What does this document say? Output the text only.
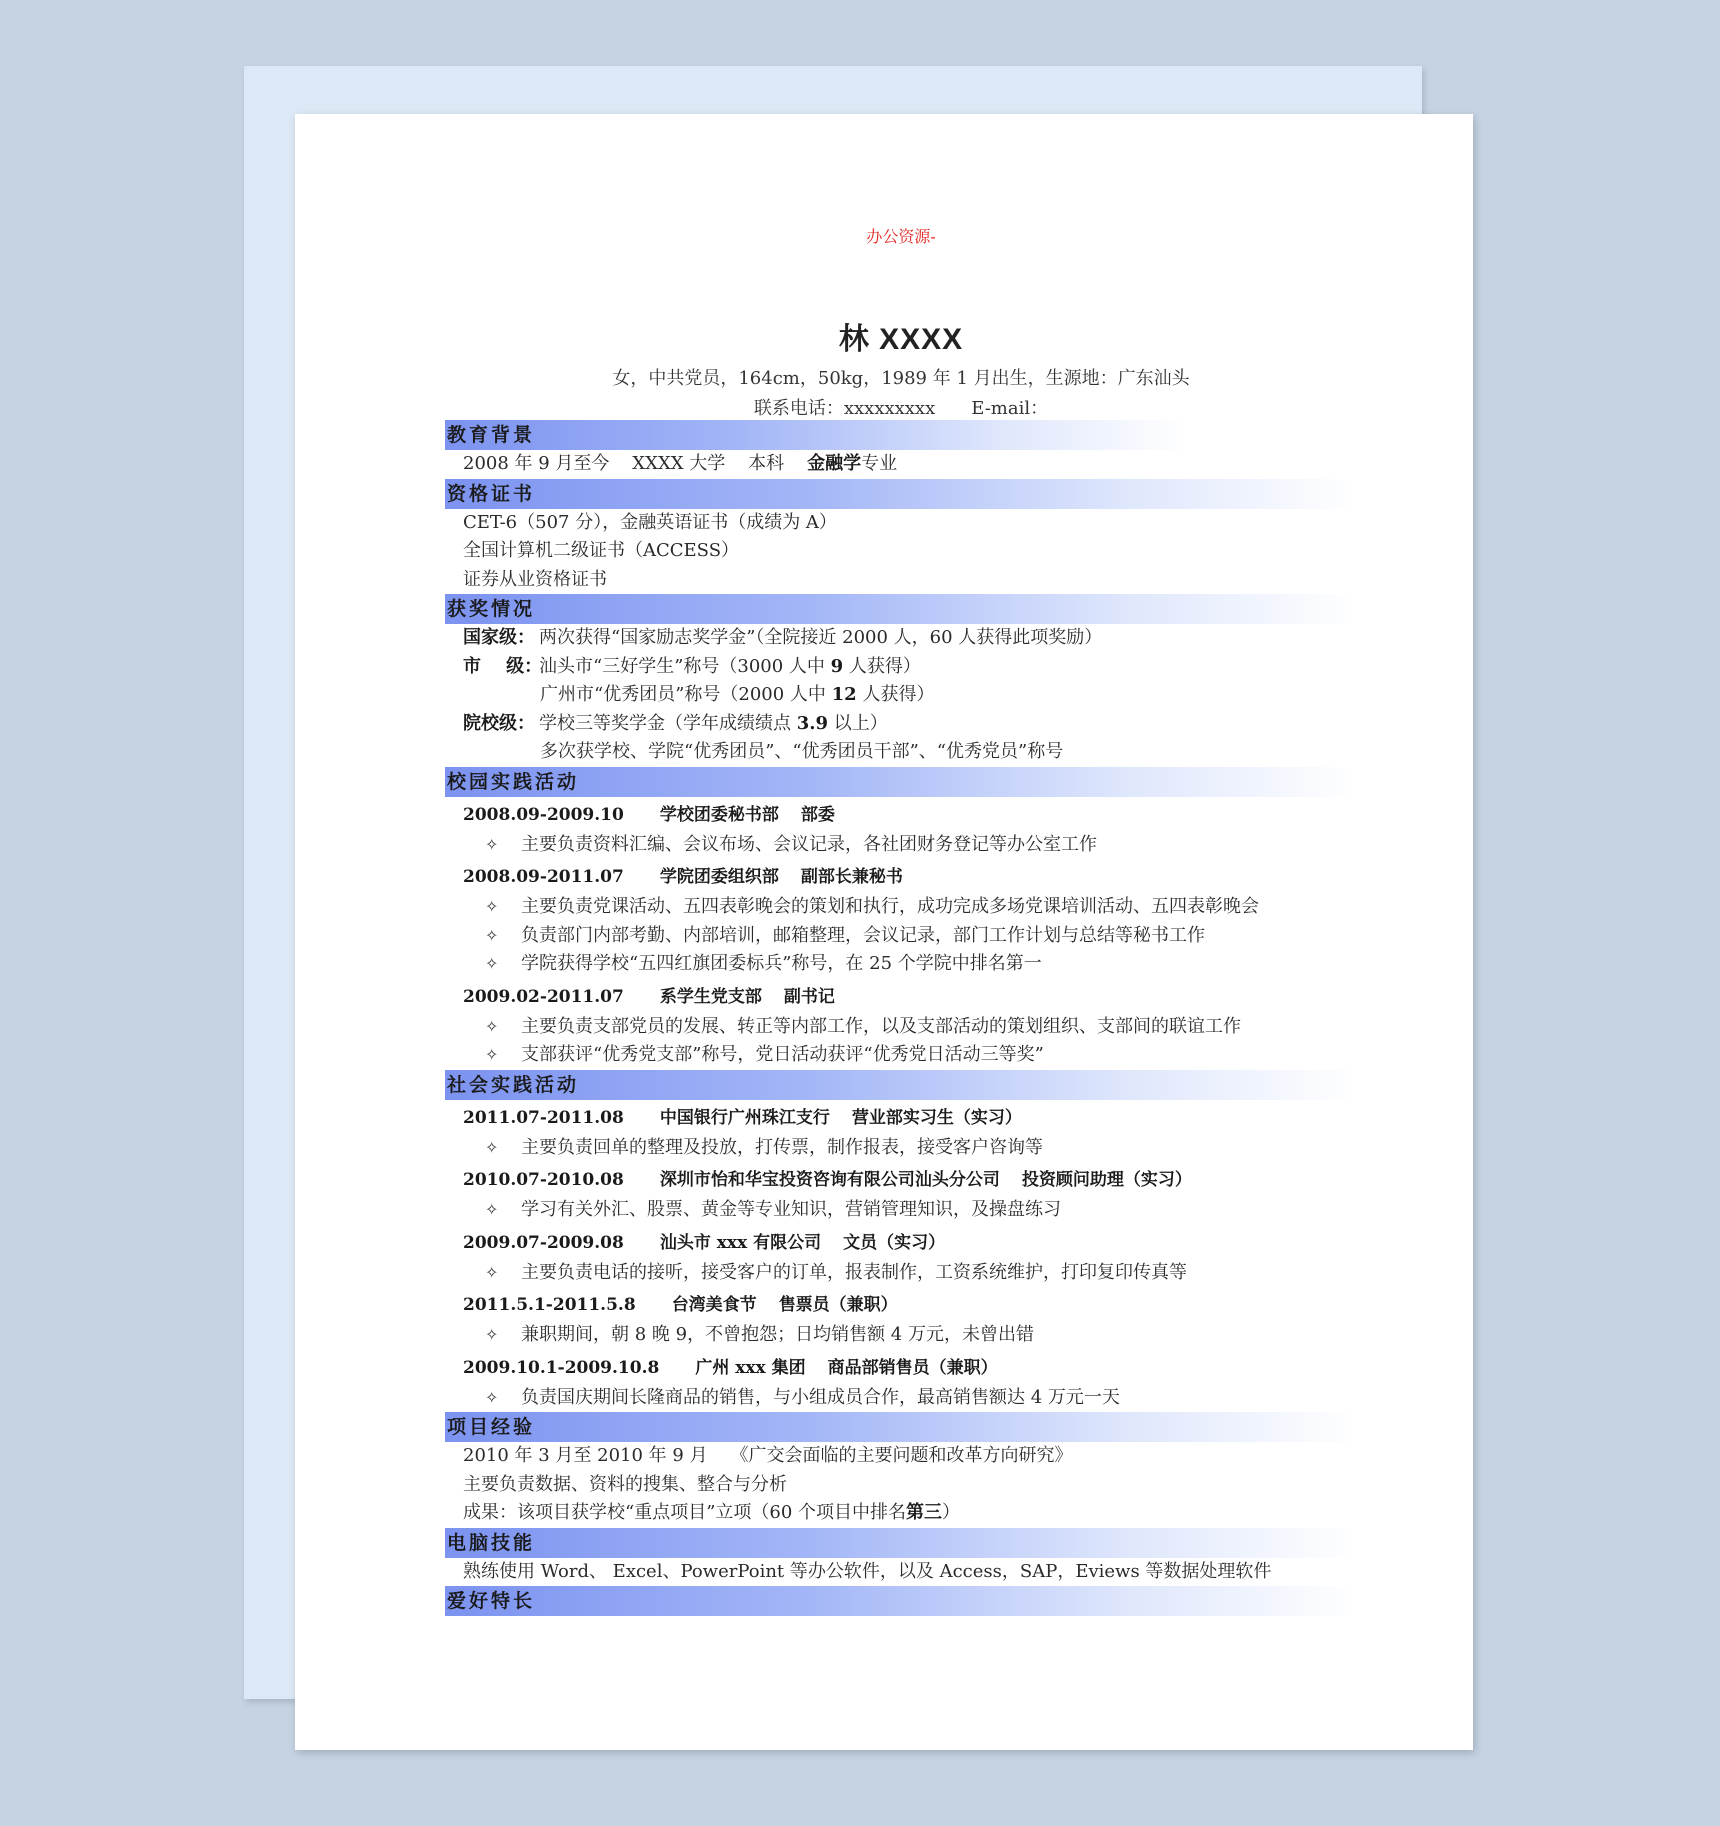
办公资源-
林 XXXX
女，中共党员，164cm，50kg，1989 年 1 月出生，生源地：广东汕头
联系电话：xxxxxxxxx E-mail：
教育背景
2008 年 9 月至今    XXXX 大学    本科    金融学专业
资格证书
CET-6（507 分），金融英语证书（成绩为 A）
全国计算机二级证书（ACCESS）
证券从业资格证书
获奖情况
国家级： 两次获得“国家励志奖学金”（全院接近 2000 人，60 人获得此项奖励）
市    级：汕头市“三好学生”称号（3000 人中 9 人获得）
广州市“优秀团员”称号（2000 人中 12 人获得）
院校级： 学校三等奖学金（学年成绩绩点 3.9 以上）
多次获学校、学院“优秀团员”、“优秀团员干部”、“优秀党员”称号
校园实践活动
2008.09-2009.10 学校团委秘书部 部委
✧ 主要负责资料汇编、会议布场、会议记录，各社团财务登记等办公室工作
2008.09-2011.07 学院团委组织部 副部长兼秘书
✧ 主要负责党课活动、五四表彰晚会的策划和执行，成功完成多场党课培训活动、五四表彰晚会
✧ 负责部门内部考勤、内部培训，邮箱整理，会议记录，部门工作计划与总结等秘书工作
✧ 学院获得学校“五四红旗团委标兵”称号，在 25 个学院中排名第一
2009.02-2011.07 系学生党支部 副书记
✧ 主要负责支部党员的发展、转正等内部工作，以及支部活动的策划组织、支部间的联谊工作
✧ 支部获评“优秀党支部”称号，党日活动获评“优秀党日活动三等奖”
社会实践活动
2011.07-2011.08 中国银行广州珠江支行 营业部实习生（实习）
✧ 主要负责回单的整理及投放，打传票，制作报表，接受客户咨询等
2010.07-2010.08 深圳市怡和华宝投资咨询有限公司汕头分公司 投资顾问助理（实习）
✧ 学习有关外汇、股票、黄金等专业知识，营销管理知识，及操盘练习
2009.07-2009.08 汕头市 xxx 有限公司 文员（实习）
✧ 主要负责电话的接听，接受客户的订单，报表制作，工资系统维护，打印复印传真等
2011.5.1-2011.5.8 台湾美食节 售票员（兼职）
✧ 兼职期间，朝 8 晚 9，不曾抱怨；日均销售额 4 万元，未曾出错
2009.10.1-2009.10.8 广州 xxx 集团 商品部销售员（兼职）
✧ 负责国庆期间长隆商品的销售，与小组成员合作，最高销售额达 4 万元一天
项目经验
2010 年 3 月至 2010 年 9 月    《广交会面临的主要问题和改革方向研究》
主要负责数据、资料的搜集、整合与分析
成果：该项目获学校“重点项目”立项（60 个项目中排名第三）
电脑技能
熟练使用 Word、 Excel、PowerPoint 等办公软件，以及 Access，SAP，Eviews 等数据处理软件
爱好特长
